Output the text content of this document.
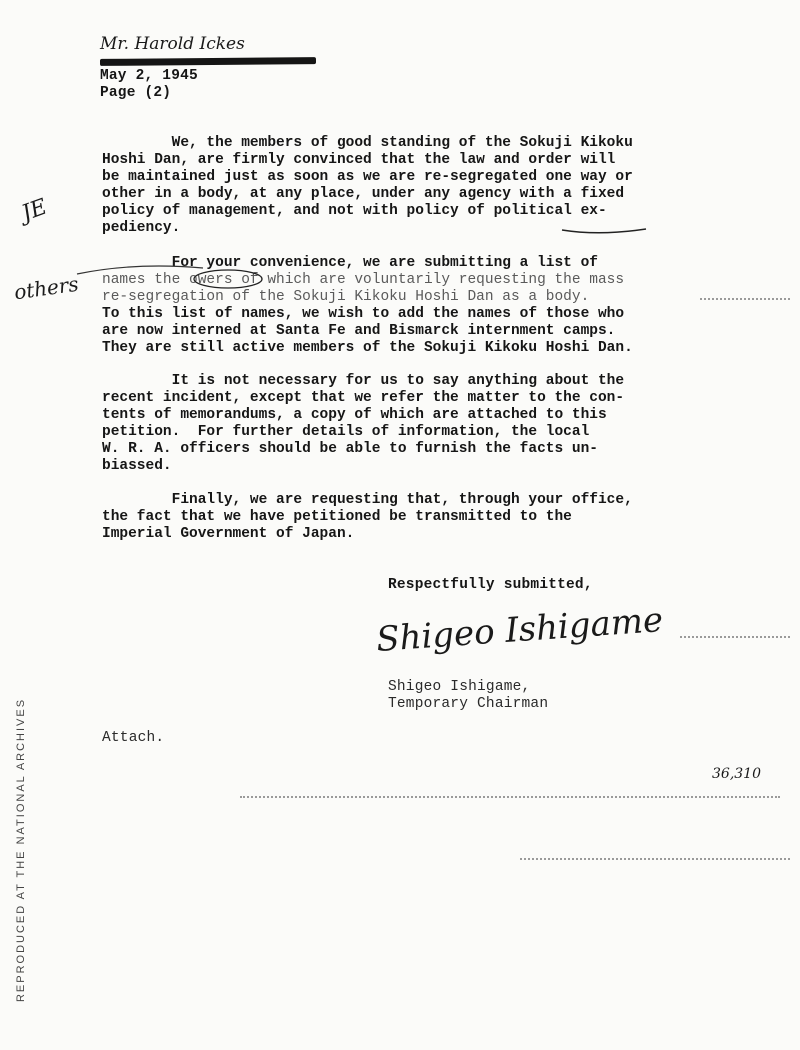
Mr. Harold Ickes
May 2, 1945
Page (2)
We, the members of good standing of the Sokuji Kikoku
Hoshi Dan, are firmly convinced that the law and order will
be maintained just as soon as we are re-segregated one way or
other in a body, at any place, under any agency with a fixed
policy of management, and not with policy of political ex-
pediency.
JE
For your convenience, we are submitting a list of
names the owers of which are voluntarily requesting the mass
re-segregation of the Sokuji Kikoku Hoshi Dan as a body.
To this list of names, we wish to add the names of those who
are now interned at Santa Fe and Bismarck internment camps.
They are still active members of the Sokuji Kikoku Hoshi Dan.
others
It is not necessary for us to say anything about the
recent incident, except that we refer the matter to the con-
tents of memorandums, a copy of which are attached to this
petition.  For further details of information, the local
W. R. A. officers should be able to furnish the facts un-
biassed.
Finally, we are requesting that, through your office,
the fact that we have petitioned be transmitted to the
Imperial Government of Japan.
Respectfully submitted,
Shigeo Ishigame
Shigeo Ishigame,
Temporary Chairman
Attach.
36,310
REPRODUCED AT THE NATIONAL ARCHIVES
